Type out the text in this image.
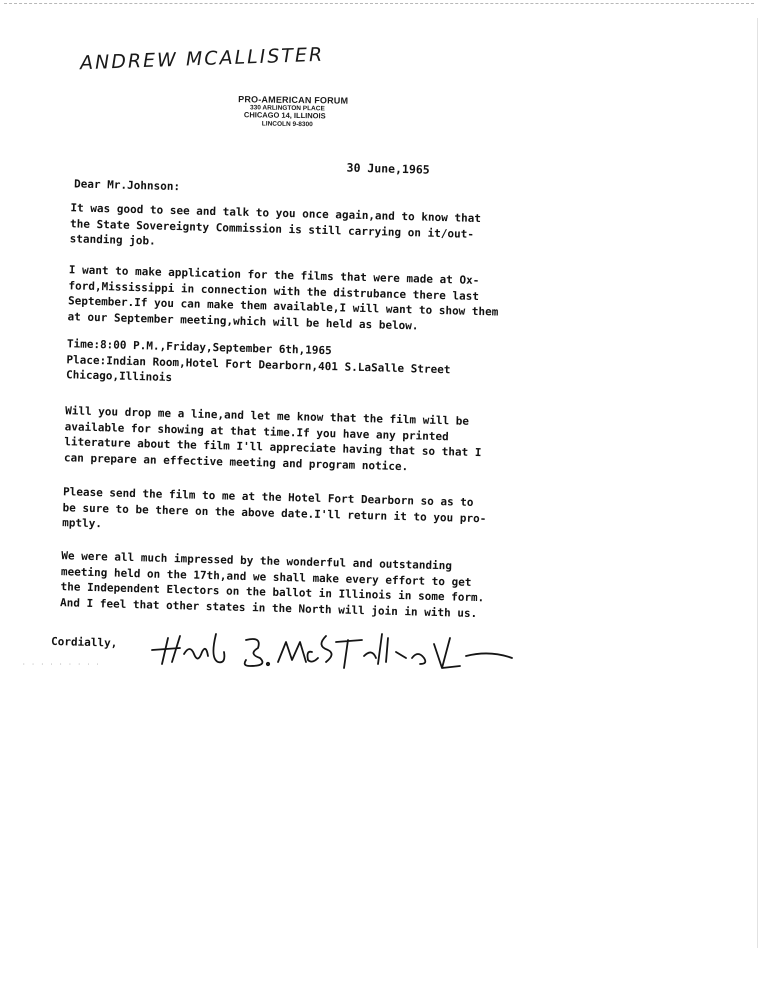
ANDREW MCALLISTER
PRO-AMERICAN FORUM
330 ARLINGTON PLACE
CHICAGO 14, ILLINOIS
LINCOLN 9-8300
30 June,1965
Dear Mr.Johnson:
It was good to see and talk to you once again,and to know that
the State Sovereignty Commission is still carrying on it/out-
standing job.
I want to make application for the films that were made at Ox-
ford,Mississippi in connection with the distrubance there last
September.If you can make them available,I will want to show them
at our September meeting,which will be held as below.
Time:8:00 P.M.,Friday,September 6th,1965
Place:Indian Room,Hotel Fort Dearborn,401 S.LaSalle Street
Chicago,Illinois
Will you drop me a line,and let me know that the film will be
available for showing at that time.If you have any printed
literature about the film I'll appreciate having that so that I
can prepare an effective meeting and program notice.
Please send the film to me at the Hotel Fort Dearborn so as to
be sure to be there on the above date.I'll return it to you pro-
mptly.
We were all much impressed by the wonderful and outstanding
meeting held on the 17th,and we shall make every effort to get
the Independent Electors on the ballot in Illinois in some form.
And I feel that other states in the North will join in with us.
Cordially,
· · · · · · · · ·
